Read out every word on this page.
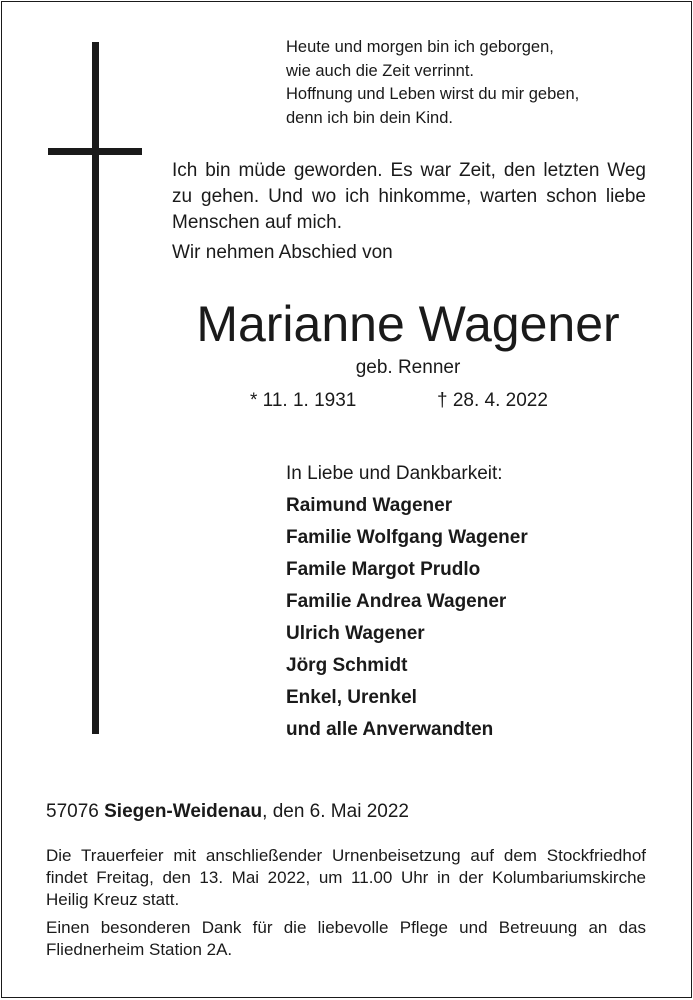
Heute und morgen bin ich geborgen,
wie auch die Zeit verrinnt.
Hoffnung und Leben wirst du mir geben,
denn ich bin dein Kind.
Ich bin müde geworden. Es war Zeit, den letzten Weg zu gehen. Und wo ich hinkomme, warten schon liebe Menschen auf mich.
Wir nehmen Abschied von
Marianne Wagener
geb. Renner
* 11. 1. 1931	† 28. 4. 2022
In Liebe und Dankbarkeit:
Raimund Wagener
Familie Wolfgang Wagener
Famile Margot Prudlo
Familie Andrea Wagener
Ulrich Wagener
Jörg Schmidt
Enkel, Urenkel
und alle Anverwandten
57076 Siegen-Weidenau, den 6. Mai 2022
Die Trauerfeier mit anschließender Urnenbeisetzung auf dem Stockfriedhof findet Freitag, den 13. Mai 2022, um 11.00 Uhr in der Kolumbariumskirche Heilig Kreuz statt.
Einen besonderen Dank für die liebevolle Pflege und Betreuung an das Fliednerheim Station 2A.
